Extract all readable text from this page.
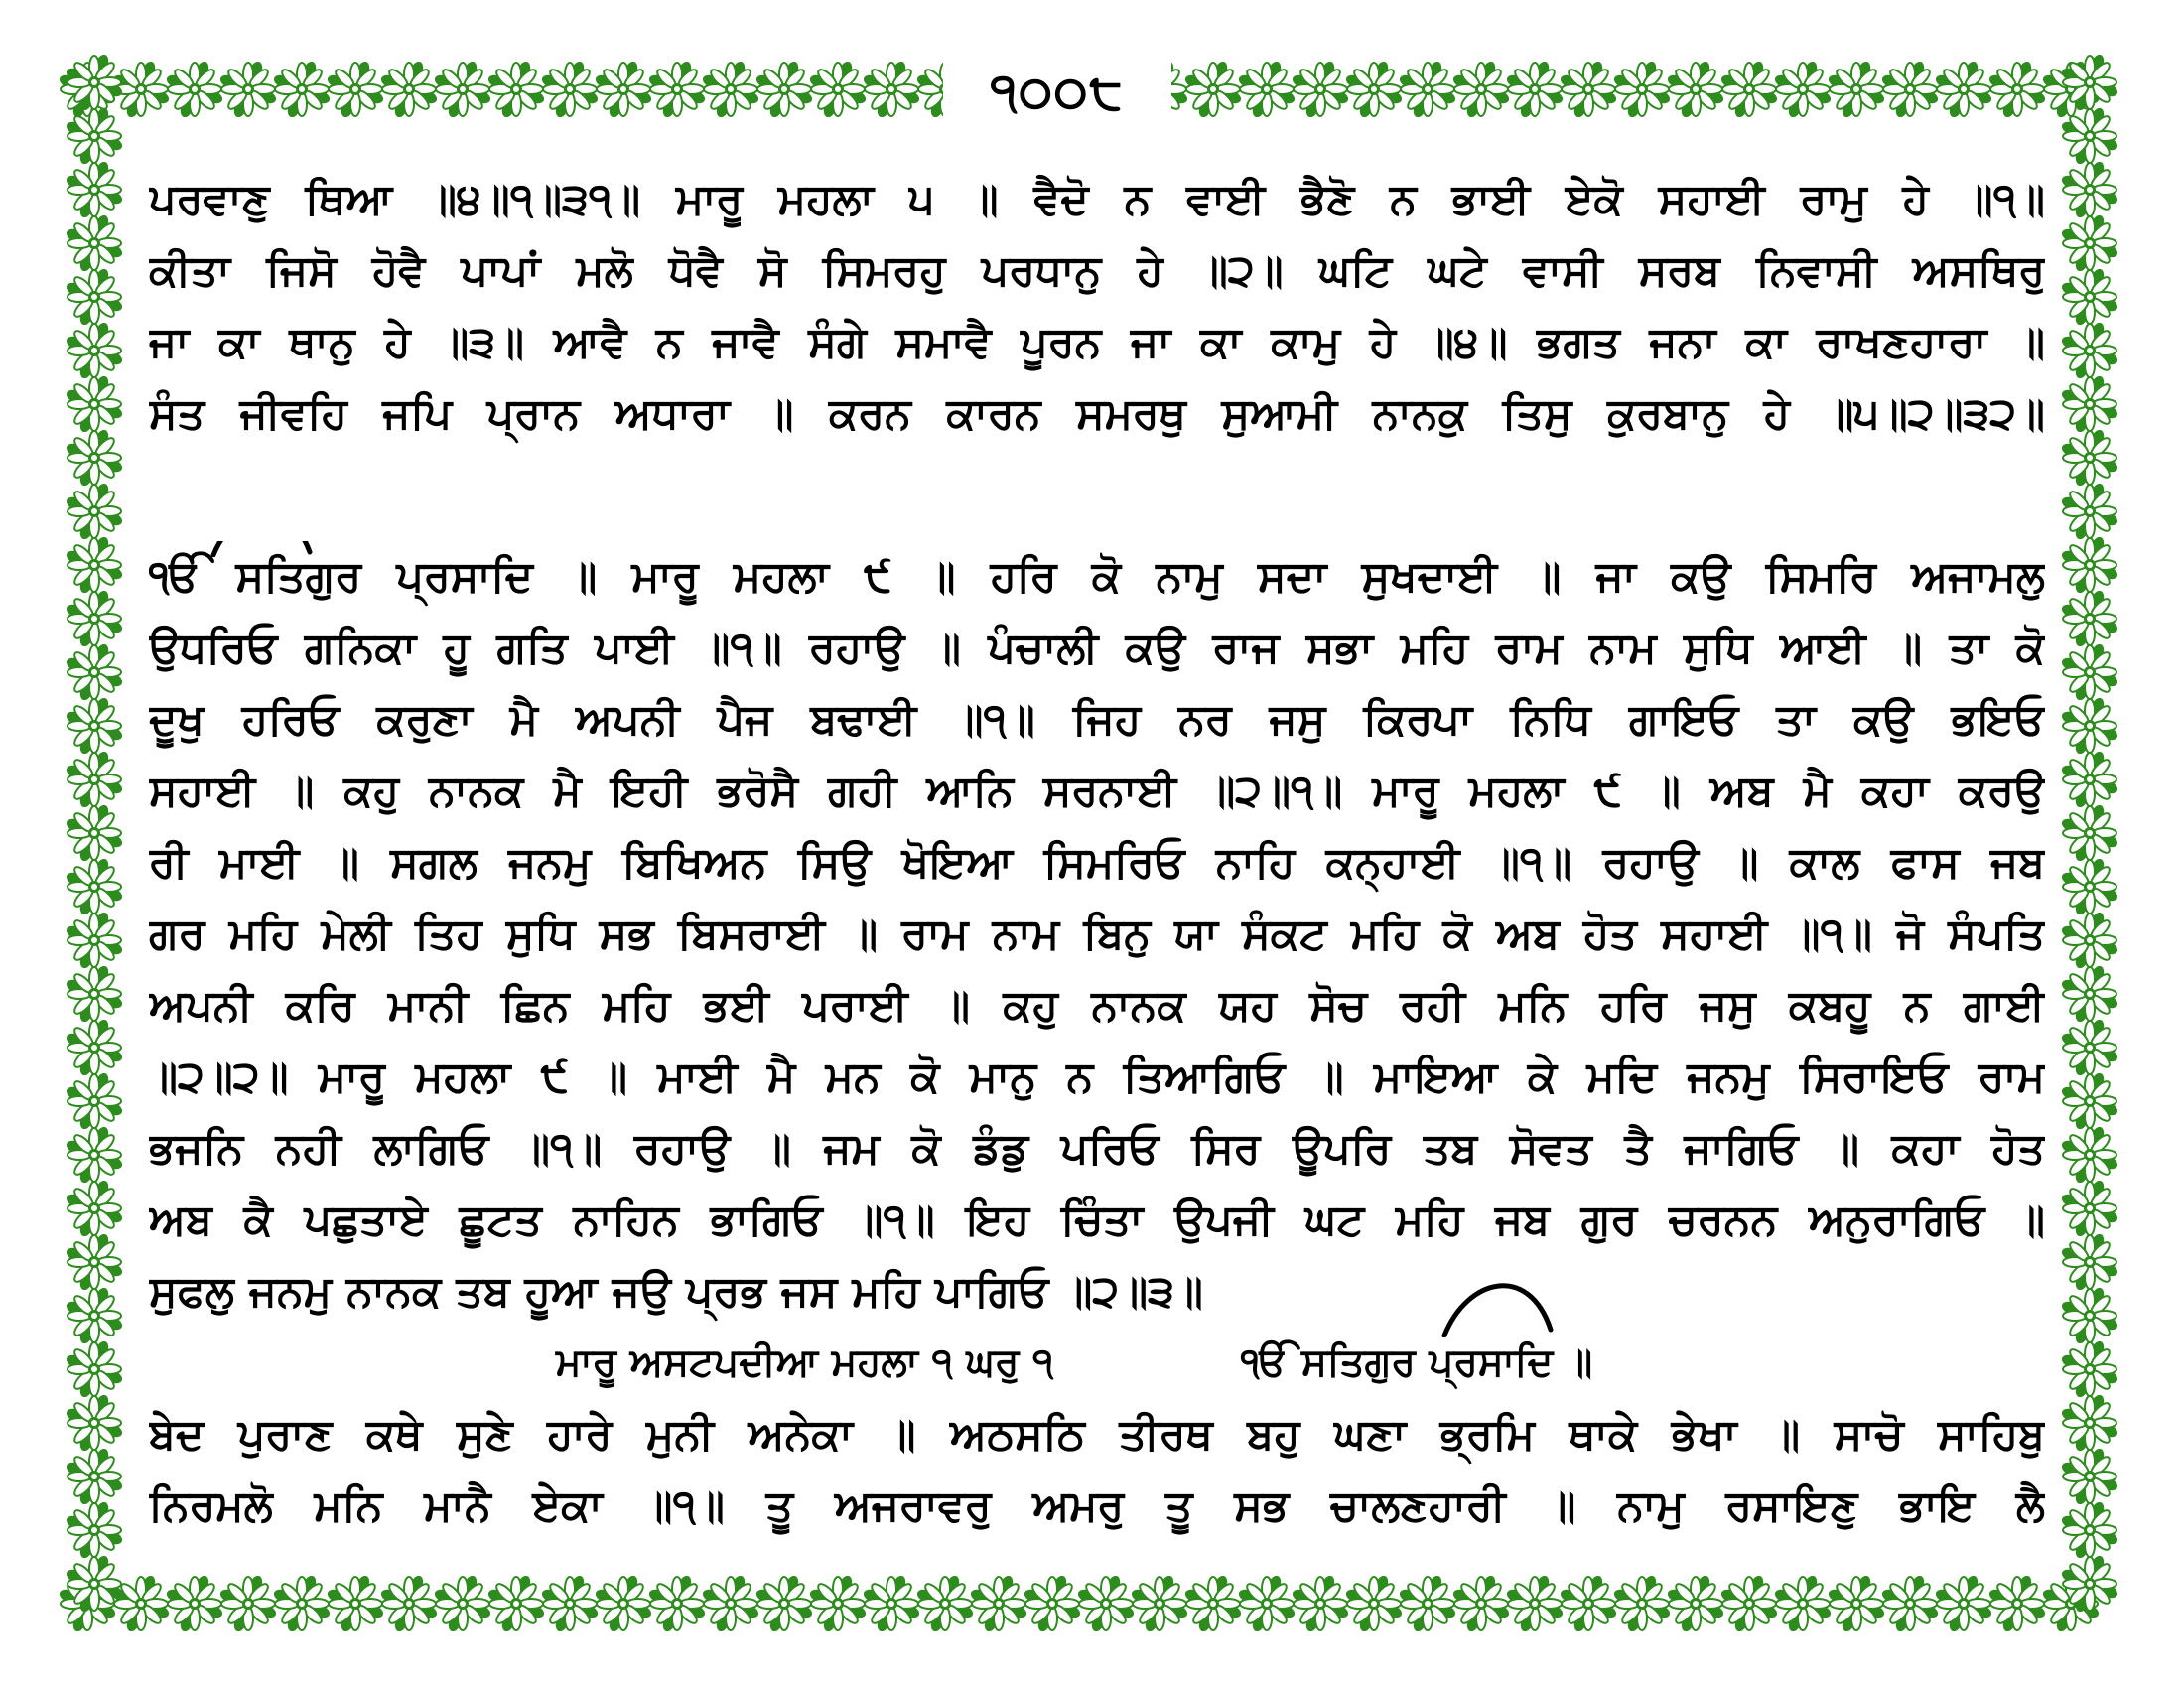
੧੦੦੮
ਪਰਵਾਣੁ ਥਿਆ ॥੪॥੧॥੩੧॥ ਮਾਰੂ ਮਹਲਾ ੫ ॥ ਵੈਦੋ ਨ ਵਾਈ ਭੈਣੋ ਨ ਭਾਈ ਏਕੋ ਸਹਾਈ ਰਾਮੁ ਹੇ ॥੧॥
ਕੀਤਾ ਜਿਸੋ ਹੋਵੈ ਪਾਪਾਂ ਮਲੋ ਧੋਵੈ ਸੋ ਸਿਮਰਹੁ ਪਰਧਾਨੁ ਹੇ ॥੨॥ ਘਟਿ ਘਟੇ ਵਾਸੀ ਸਰਬ ਨਿਵਾਸੀ ਅਸਥਿਰੁ
ਜਾ ਕਾ ਥਾਨੁ ਹੇ ॥੩॥ ਆਵੈ ਨ ਜਾਵੈ ਸੰਗੇ ਸਮਾਵੈ ਪੂਰਨ ਜਾ ਕਾ ਕਾਮੁ ਹੇ ॥੪॥ ਭਗਤ ਜਨਾ ਕਾ ਰਾਖਣਹਾਰਾ ॥
ਸੰਤ ਜੀਵਹਿ ਜਪਿ ਪ੍ਰਾਨ ਅਧਾਰਾ ॥ ਕਰਨ ਕਾਰਨ ਸਮਰਥੁ ਸੁਆਮੀ ਨਾਨਕੁ ਤਿਸੁ ਕੁਰਬਾਨੁ ਹੇ ॥੫॥੨॥੩੨॥
ੴ ਸਤਿਗੁਰ ਪ੍ਰਸਾਦਿ ॥ ਮਾਰੂ ਮਹਲਾ ੯ ॥ ਹਰਿ ਕੋ ਨਾਮੁ ਸਦਾ ਸੁਖਦਾਈ ॥ ਜਾ ਕਉ ਸਿਮਰਿ ਅਜਾਮਲੁ
ਉਧਰਿਓ ਗਨਿਕਾ ਹੂ ਗਤਿ ਪਾਈ ॥੧॥ ਰਹਾਉ ॥ ਪੰਚਾਲੀ ਕਉ ਰਾਜ ਸਭਾ ਮਹਿ ਰਾਮ ਨਾਮ ਸੁਧਿ ਆਈ ॥ ਤਾ ਕੋ
ਦੂਖੁ ਹਰਿਓ ਕਰੁਣਾ ਮੈ ਅਪਨੀ ਪੈਜ ਬਢਾਈ ॥੧॥ ਜਿਹ ਨਰ ਜਸੁ ਕਿਰਪਾ ਨਿਧਿ ਗਾਇਓ ਤਾ ਕਉ ਭਇਓ
ਸਹਾਈ ॥ ਕਹੁ ਨਾਨਕ ਮੈ ਇਹੀ ਭਰੋਸੈ ਗਹੀ ਆਨਿ ਸਰਨਾਈ ॥੨॥੧॥ ਮਾਰੂ ਮਹਲਾ ੯ ॥ ਅਬ ਮੈ ਕਹਾ ਕਰਉ
ਰੀ ਮਾਈ ॥ ਸਗਲ ਜਨਮੁ ਬਿਖਿਅਨ ਸਿਉ ਖੋਇਆ ਸਿਮਰਿਓ ਨਾਹਿ ਕਨ੍ਹਾਈ ॥੧॥ ਰਹਾਉ ॥ ਕਾਲ ਫਾਸ ਜਬ
ਗਰ ਮਹਿ ਮੇਲੀ ਤਿਹ ਸੁਧਿ ਸਭ ਬਿਸਰਾਈ ॥ ਰਾਮ ਨਾਮ ਬਿਨੁ ਯਾ ਸੰਕਟ ਮਹਿ ਕੋ ਅਬ ਹੋਤ ਸਹਾਈ ॥੧॥ ਜੋ ਸੰਪਤਿ
ਅਪਨੀ ਕਰਿ ਮਾਨੀ ਛਿਨ ਮਹਿ ਭਈ ਪਰਾਈ ॥ ਕਹੁ ਨਾਨਕ ਯਹ ਸੋਚ ਰਹੀ ਮਨਿ ਹਰਿ ਜਸੁ ਕਬਹੂ ਨ ਗਾਈ
॥੨॥੨॥ ਮਾਰੂ ਮਹਲਾ ੯ ॥ ਮਾਈ ਮੈ ਮਨ ਕੋ ਮਾਨੁ ਨ ਤਿਆਗਿਓ ॥ ਮਾਇਆ ਕੇ ਮਦਿ ਜਨਮੁ ਸਿਰਾਇਓ ਰਾਮ
ਭਜਨਿ ਨਹੀ ਲਾਗਿਓ ॥੧॥ ਰਹਾਉ ॥ ਜਮ ਕੋ ਡੰਡੁ ਪਰਿਓ ਸਿਰ ਊਪਰਿ ਤਬ ਸੋਵਤ ਤੈ ਜਾਗਿਓ ॥ ਕਹਾ ਹੋਤ
ਅਬ ਕੈ ਪਛੁਤਾਏ ਛੂਟਤ ਨਾਹਿਨ ਭਾਗਿਓ ॥੧॥ ਇਹ ਚਿੰਤਾ ਉਪਜੀ ਘਟ ਮਹਿ ਜਬ ਗੁਰ ਚਰਨਨ ਅਨੁਰਾਗਿਓ ॥
ਸੁਫਲੁ ਜਨਮੁ ਨਾਨਕ ਤਬ ਹੂਆ ਜਉ ਪ੍ਰਭ ਜਸ ਮਹਿ ਪਾਗਿਓ ॥੨॥੩॥
ਮਾਰੂ ਅਸਟਪਦੀਆ ਮਹਲਾ ੧ ਘਰੁ ੧	ੴ ਸਤਿਗੁਰ ਪ੍ਰਸਾਦਿ ॥
ਬੇਦ ਪੁਰਾਣ ਕਥੇ ਸੁਣੇ ਹਾਰੇ ਮੁਨੀ ਅਨੇਕਾ ॥ ਅਠਸਠਿ ਤੀਰਥ ਬਹੁ ਘਣਾ ਭ੍ਰਮਿ ਥਾਕੇ ਭੇਖਾ ॥ ਸਾਚੋ ਸਾਹਿਬੁ
ਨਿਰਮਲੋ ਮਨਿ ਮਾਨੈ ਏਕਾ ॥੧॥ ਤੂ ਅਜਰਾਵਰੁ ਅਮਰੁ ਤੂ ਸਭ ਚਾਲਣਹਾਰੀ ॥ ਨਾਮੁ ਰਸਾਇਣੁ ਭਾਇ ਲੈ
